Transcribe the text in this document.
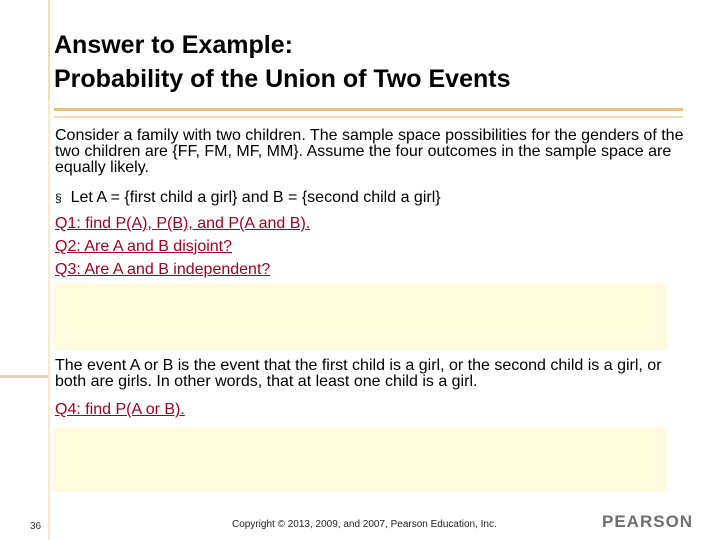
Answer to Example:
Probability of the Union of Two Events
Consider a family with two children. The sample space possibilities for the genders of the two children are {FF, FM, MF, MM}. Assume the four outcomes in the sample space are equally likely.
§ Let A = {first child a girl} and B = {second child a girl}
Q1: find P(A), P(B), and P(A and B).
Q2: Are A and B disjoint?
Q3: Are A and B independent?
The event A or B is the event that the first child is a girl, or the second child is a girl, or both are girls. In other words, that at least one child is a girl.
Q4: find P(A or B).
36	Copyright © 2013, 2009, and 2007, Pearson Education, Inc.	PEARSON
